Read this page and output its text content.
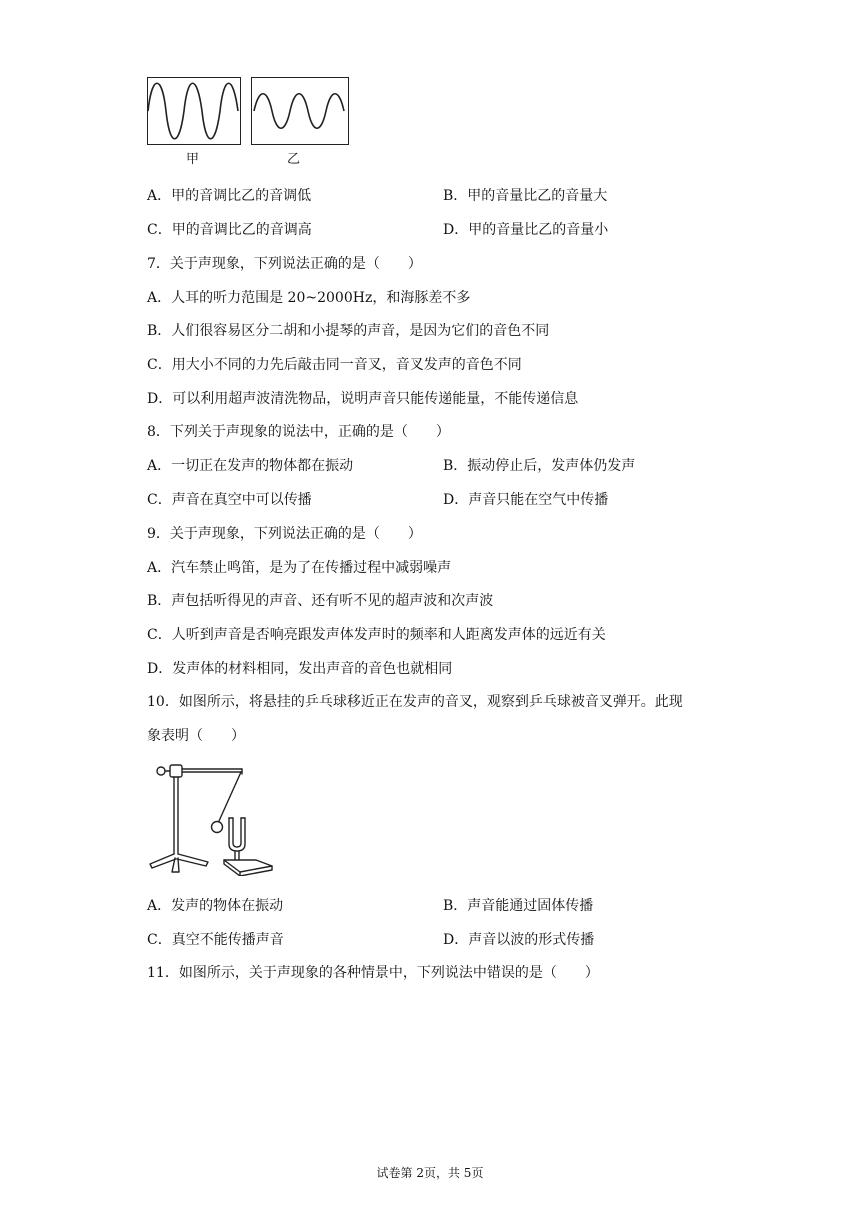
甲	乙
A．甲的音调比乙的音调低	B．甲的音量比乙的音量大
C．甲的音调比乙的音调高	D．甲的音量比乙的音量小
7．关于声现象，下列说法正确的是（　　）
A．人耳的听力范围是 20~2000Hz，和海豚差不多
B．人们很容易区分二胡和小提琴的声音，是因为它们的音色不同
C．用大小不同的力先后敲击同一音叉，音叉发声的音色不同
D．可以利用超声波清洗物品，说明声音只能传递能量，不能传递信息
8．下列关于声现象的说法中，正确的是（　　）
A．一切正在发声的物体都在振动	B．振动停止后，发声体仍发声
C．声音在真空中可以传播	D．声音只能在空气中传播
9．关于声现象，下列说法正确的是（　　）
A．汽车禁止鸣笛，是为了在传播过程中减弱噪声
B．声包括听得见的声音、还有听不见的超声波和次声波
C．人听到声音是否响亮跟发声体发声时的频率和人距离发声体的远近有关
D．发声体的材料相同，发出声音的音色也就相同
10．如图所示，将悬挂的乒乓球移近正在发声的音叉，观察到乒乓球被音叉弹开。此现
象表明（　　）
A．发声的物体在振动	B．声音能通过固体传播
C．真空不能传播声音	D．声音以波的形式传播
11．如图所示，关于声现象的各种情景中，下列说法中错误的是（　　）
试卷第 2页，共 5页
